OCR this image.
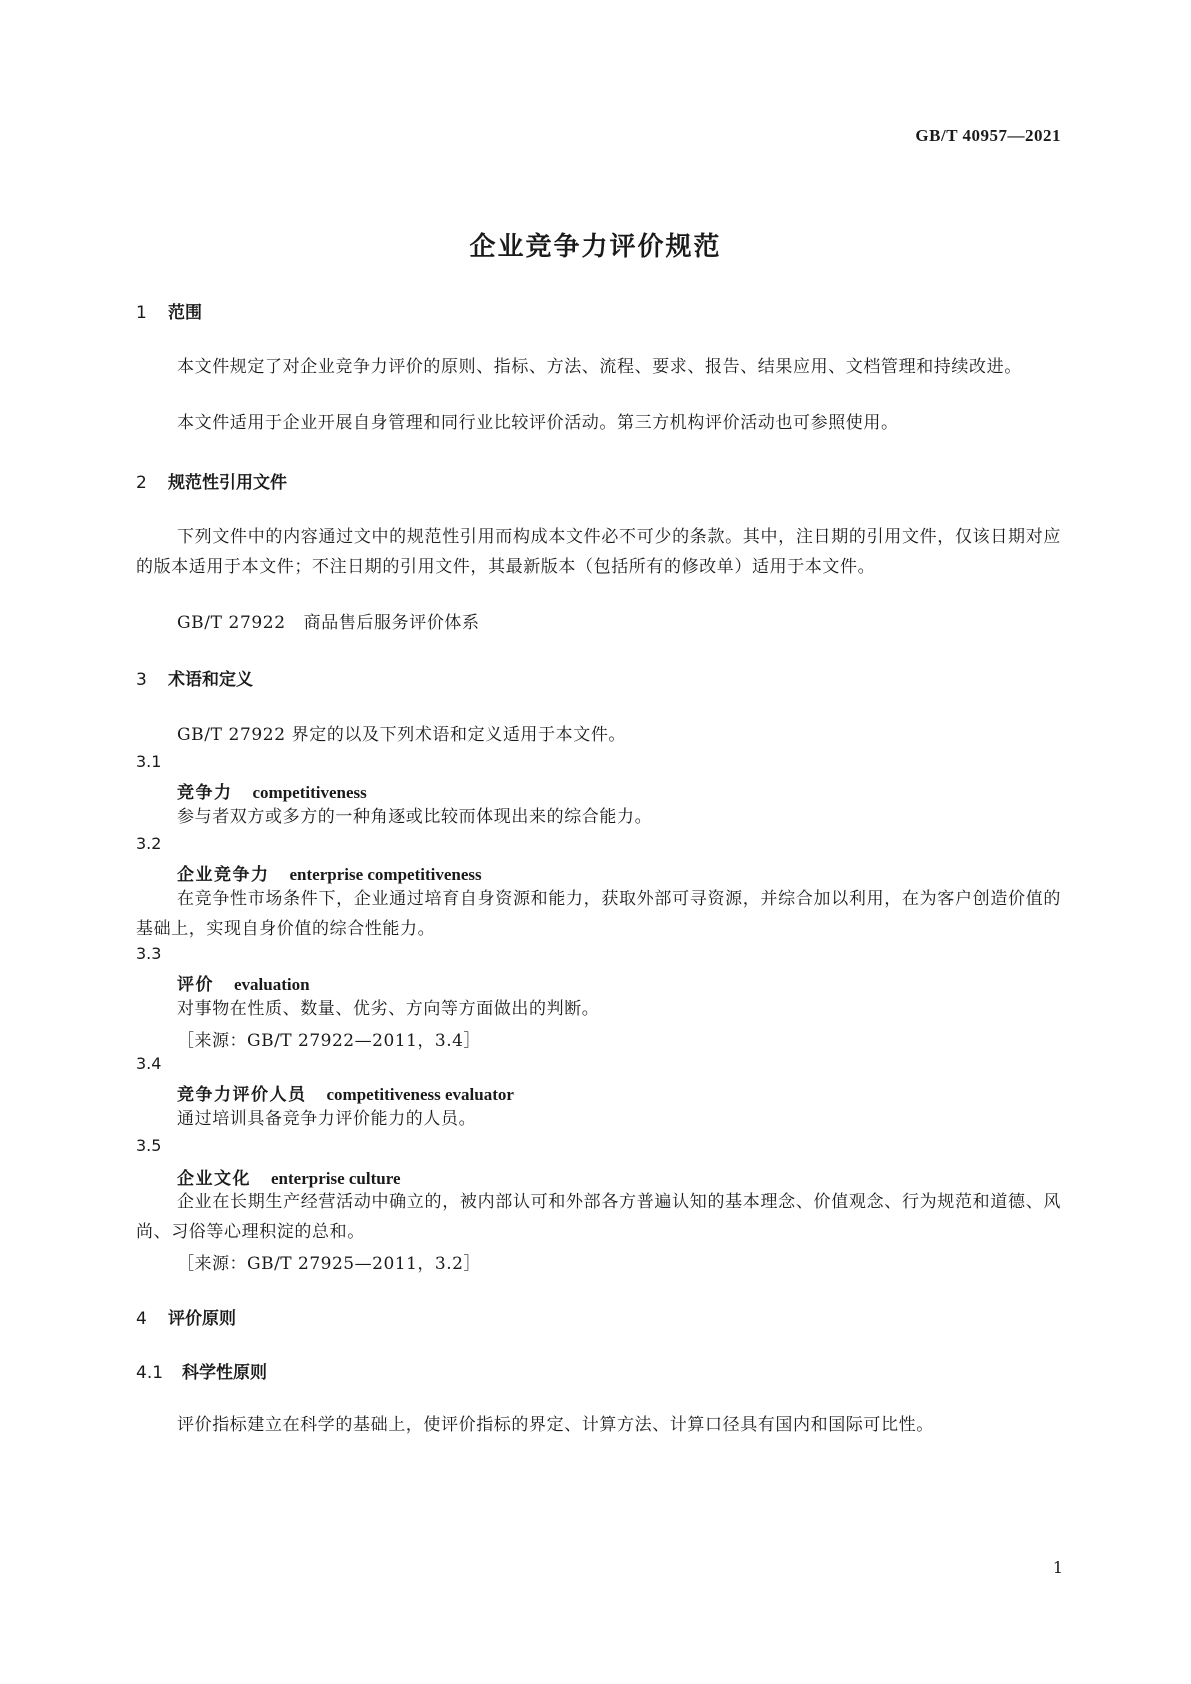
GB/T 40957—2021
企业竞争力评价规范
1 范围
本文件规定了对企业竞争力评价的原则、指标、方法、流程、要求、报告、结果应用、文档管理和持续改进。
本文件适用于企业开展自身管理和同行业比较评价活动。第三方机构评价活动也可参照使用。
2 规范性引用文件
下列文件中的内容通过文中的规范性引用而构成本文件必不可少的条款。其中，注日期的引用文件，仅该日期对应的版本适用于本文件；不注日期的引用文件，其最新版本（包括所有的修改单）适用于本文件。
GB/T 27922 商品售后服务评价体系
3 术语和定义
GB/T 27922 界定的以及下列术语和定义适用于本文件。
3.1
竞争力 competitiveness
参与者双方或多方的一种角逐或比较而体现出来的综合能力。
3.2
企业竞争力 enterprise competitiveness
在竞争性市场条件下，企业通过培育自身资源和能力，获取外部可寻资源，并综合加以利用，在为客户创造价值的基础上，实现自身价值的综合性能力。
3.3
评价 evaluation
对事物在性质、数量、优劣、方向等方面做出的判断。
［来源：GB/T 27922—2011，3.4］
3.4
竞争力评价人员 competitiveness evaluator
通过培训具备竞争力评价能力的人员。
3.5
企业文化 enterprise culture
企业在长期生产经营活动中确立的，被内部认可和外部各方普遍认知的基本理念、价值观念、行为规范和道德、风尚、习俗等心理积淀的总和。
［来源：GB/T 27925—2011，3.2］
4 评价原则
4.1 科学性原则
评价指标建立在科学的基础上，使评价指标的界定、计算方法、计算口径具有国内和国际可比性。
1
